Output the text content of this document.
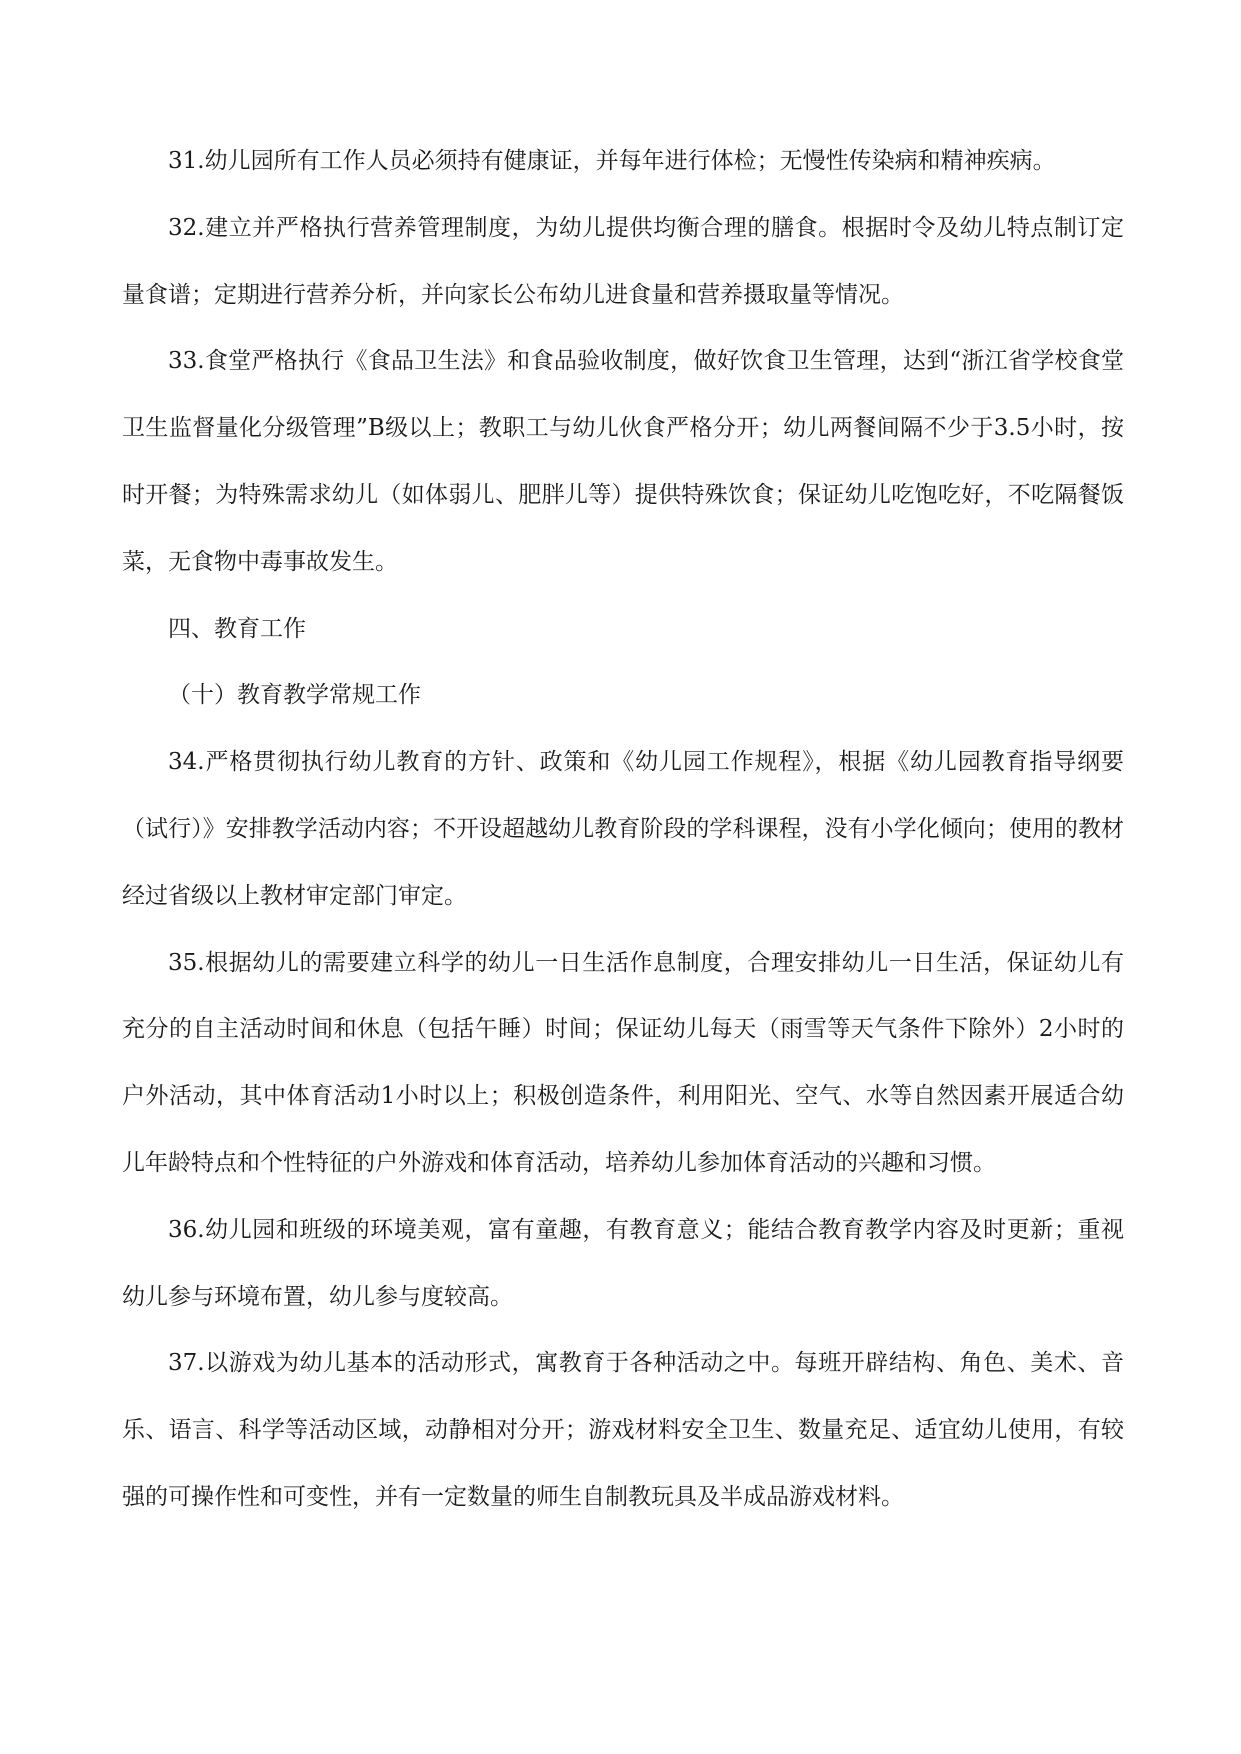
31.幼儿园所有工作人员必须持有健康证，并每年进行体检；无慢性传染病和精神疾病。

32.建立并严格执行营养管理制度，为幼儿提供均衡合理的膳食。根据时令及幼儿特点制订定量食谱；定期进行营养分析，并向家长公布幼儿进食量和营养摄取量等情况。

33.食堂严格执行《食品卫生法》和食品验收制度，做好饮食卫生管理，达到“浙江省学校食堂卫生监督量化分级管理”B级以上；教职工与幼儿伙食严格分开；幼儿两餐间隔不少于3.5小时，按时开餐；为特殊需求幼儿（如体弱儿、肥胖儿等）提供特殊饮食；保证幼儿吃饱吃好，不吃隔餐饭菜，无食物中毒事故发生。

四、教育工作

（十）教育教学常规工作

34.严格贯彻执行幼儿教育的方针、政策和《幼儿园工作规程》，根据《幼儿园教育指导纲要（试行）》安排教学活动内容；不开设超越幼儿教育阶段的学科课程，没有小学化倾向；使用的教材经过省级以上教材审定部门审定。

35.根据幼儿的需要建立科学的幼儿一日生活作息制度，合理安排幼儿一日生活，保证幼儿有充分的自主活动时间和休息（包括午睡）时间；保证幼儿每天（雨雪等天气条件下除外）2小时的户外活动，其中体育活动1小时以上；积极创造条件，利用阳光、空气、水等自然因素开展适合幼儿年龄特点和个性特征的户外游戏和体育活动，培养幼儿参加体育活动的兴趣和习惯。

36.幼儿园和班级的环境美观，富有童趣，有教育意义；能结合教育教学内容及时更新；重视幼儿参与环境布置，幼儿参与度较高。

37.以游戏为幼儿基本的活动形式，寓教育于各种活动之中。每班开辟结构、角色、美术、音乐、语言、科学等活动区域，动静相对分开；游戏材料安全卫生、数量充足、适宜幼儿使用，有较强的可操作性和可变性，并有一定数量的师生自制教玩具及半成品游戏材料。
